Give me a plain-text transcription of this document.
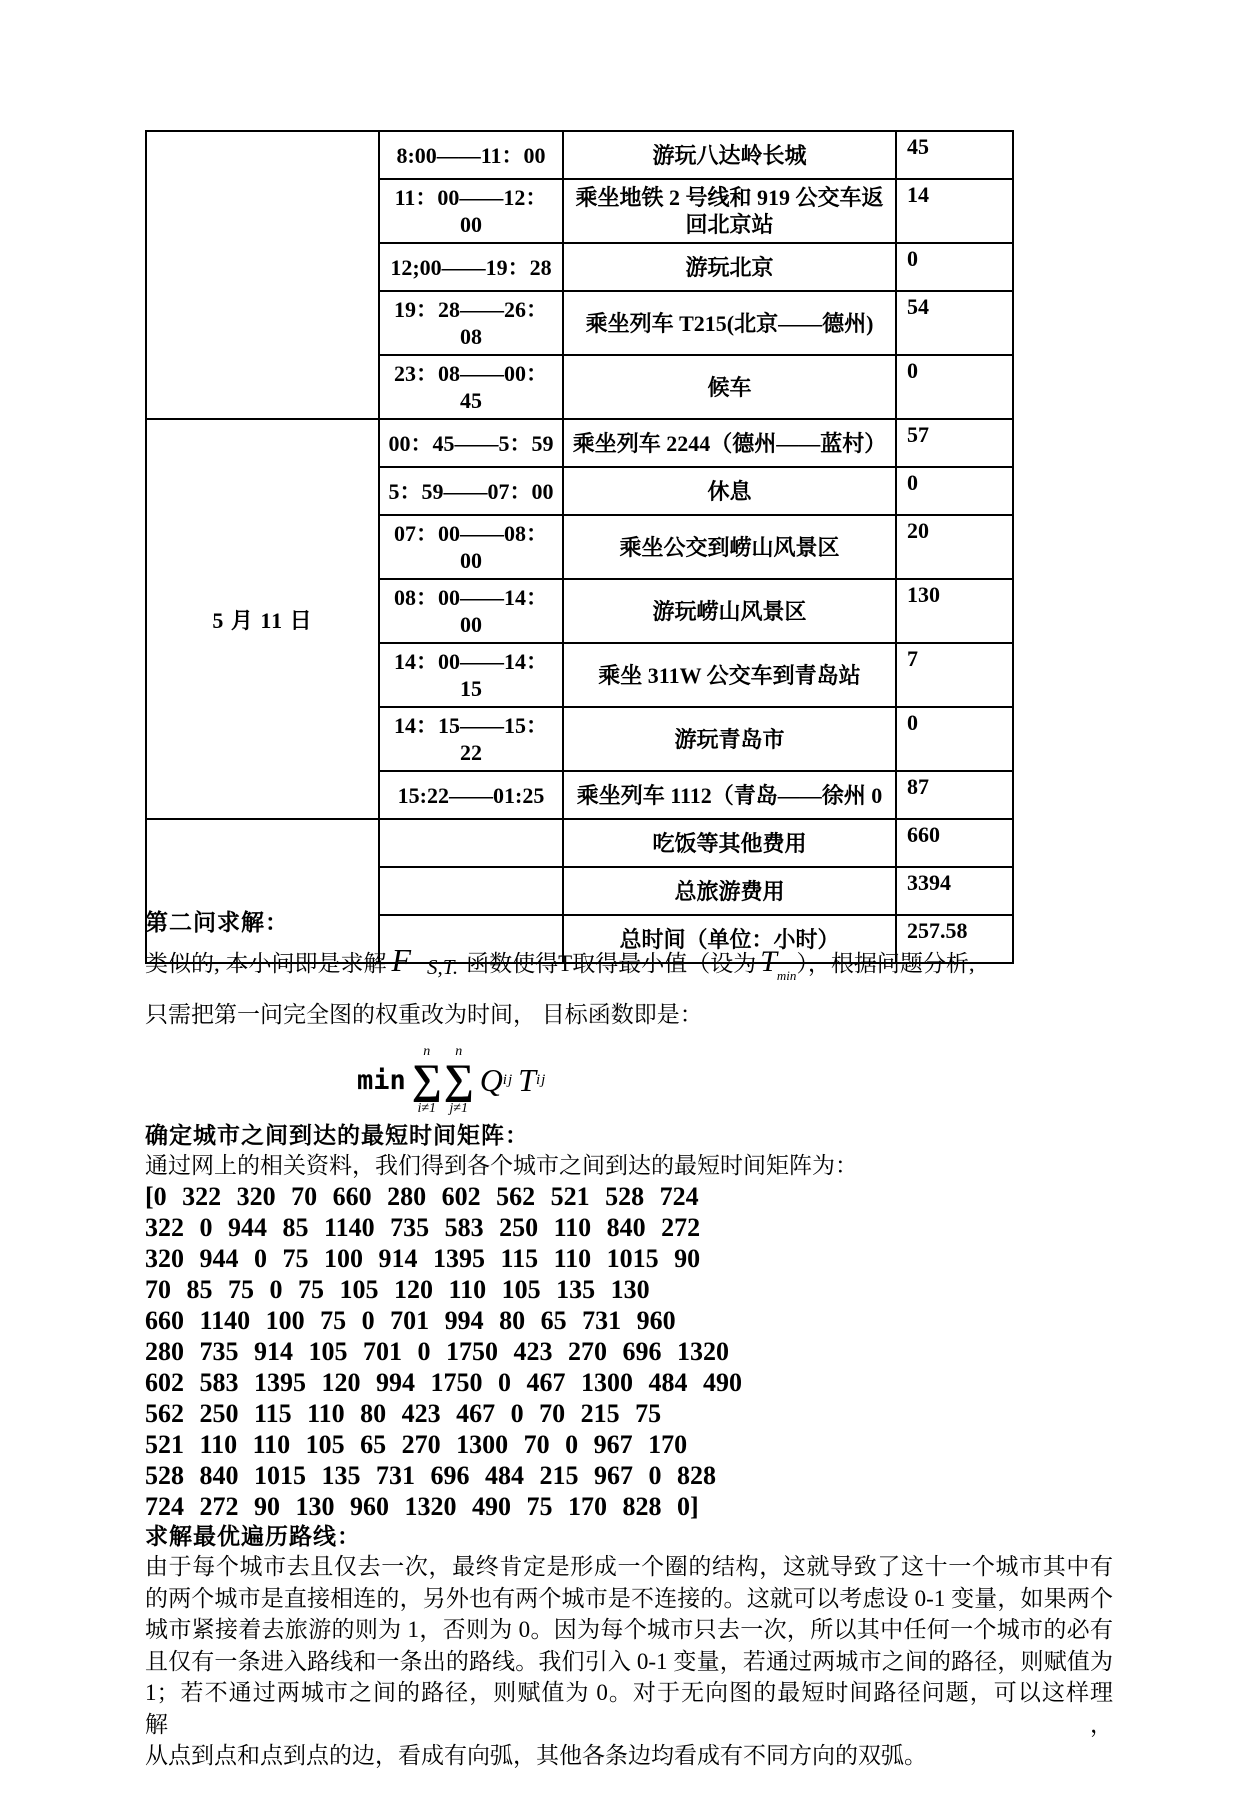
	8:00——11：00	游玩八达岭长城	45
	11：00——12：00	乘坐地铁 2 号线和 919 公交车返回北京站	14
	12;00——19：28	游玩北京	0
	19：28——26：08	乘坐列车 T215(北京——德州)	54
	23：08——00：45	候车	0
5 月 11 日	00：45——5：59	乘坐列车 2244（德州——蓝村）	57
	5：59——07：00	休息	0
	07：00——08：00	乘坐公交到崂山风景区	20
	08：00——14：00	游玩崂山风景区	130
	14：00——14：15	乘坐 311W 公交车到青岛站	7
	14：15——15：22	游玩青岛市	0
	15:22——01:25	乘坐列车 1112（青岛——徐州 0	87
		吃饭等其他费用	660
		总旅游费用	3394
		总时间（单位：小时）	257.58
第二问求解：
类似的, 本小问即是求解 F S,T. 函数使得T取得最小值（设为 $T_{min}$），根据问题分析,
只需把第一问完全图的权重改为时间， 目标函数即是：
min
n
∑
i≠1
n
∑
j≠1
Q ij T ij
确定城市之间到达的最短时间矩阵：
通过网上的相关资料，我们得到各个城市之间到达的最短时间矩阵为：
[0 322 320 70 660 280 602 562 521 528 724
322 0 944 85 1140 735 583 250 110 840 272
320 944 0 75 100 914 1395 115 110 1015 90
70 85 75 0 75 105 120 110 105 135 130
660 1140 100 75 0 701 994 80 65 731 960
280 735 914 105 701 0 1750 423 270 696 1320
602 583 1395 120 994 1750 0 467 1300 484 490
562 250 115 110 80 423 467 0 70 215 75
521 110 110 105 65 270 1300 70 0 967 170
528 840 1015 135 731 696 484 215 967 0 828
724 272 90 130 960 1320 490 75 170 828 0]
求解最优遍历路线：
由于每个城市去且仅去一次，最终肯定是形成一个圈的结构，这就导致了这十一个城市其中有
的两个城市是直接相连的，另外也有两个城市是不连接的。这就可以考虑设 0-1 变量，如果两个
城市紧接着去旅游的则为 1，否则为 0。因为每个城市只去一次，所以其中任何一个城市的必有
且仅有一条进入路线和一条出的路线。我们引入 0-1 变量，若通过两城市之间的路径，则赋值为
1；若不通过两城市之间的路径，则赋值为 0。对于无向图的最短时间路径问题，可以这样理解，
从点到点和点到点的边，看成有向弧，其他各条边均看成有不同方向的双弧。
